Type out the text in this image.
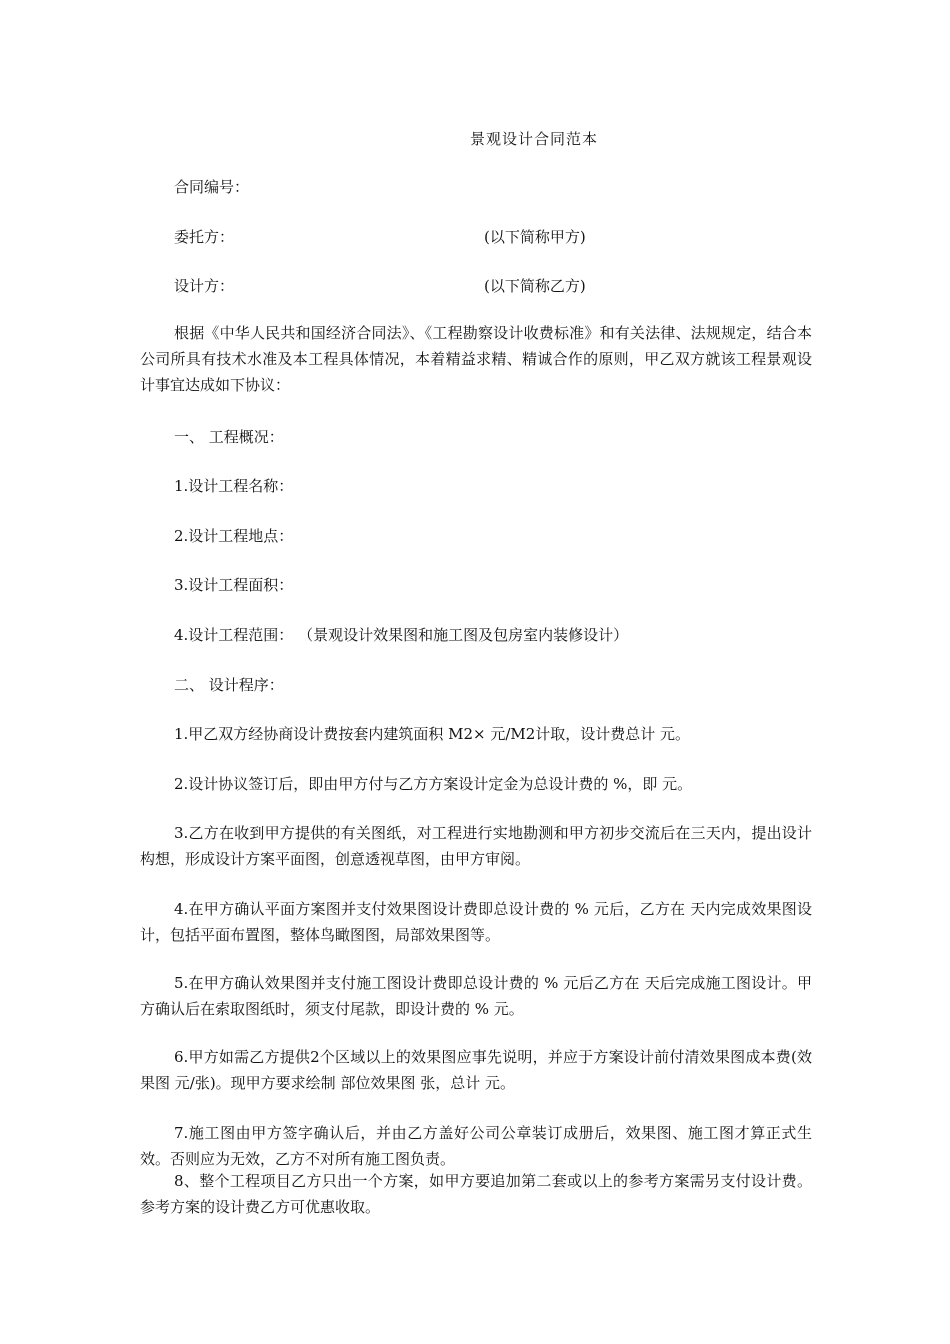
景观设计合同范本
合同编号：
委托方：	(以下简称甲方)
设计方：	(以下简称乙方)

根据《中华人民共和国经济合同法》、《工程勘察设计收费标准》和有关法律、法规规定，结合本公司所具有技术水准及本工程具体情况，本着精益求精、精诚合作的原则，甲乙双方就该工程景观设计事宜达成如下协议：

一、 工程概况：
1.设计工程名称：
2.设计工程地点：
3.设计工程面积：
4.设计工程范围： （景观设计效果图和施工图及包房室内装修设计）
二、 设计程序：
1.甲乙双方经协商设计费按套内建筑面积 M2× 元/M2计取，设计费总计 元。
2.设计协议签订后，即由甲方付与乙方方案设计定金为总设计费的 %，即 元。

3.乙方在收到甲方提供的有关图纸，对工程进行实地勘测和甲方初步交流后在三天内，提出设计构想，形成设计方案平面图，创意透视草图，由甲方审阅。

4.在甲方确认平面方案图并支付效果图设计费即总设计费的 % 元后，乙方在 天内完成效果图设计，包括平面布置图，整体鸟瞰图图，局部效果图等。

5.在甲方确认效果图并支付施工图设计费即总设计费的 % 元后乙方在 天后完成施工图设计。甲方确认后在索取图纸时，须支付尾款，即设计费的 % 元。

6.甲方如需乙方提供2个区域以上的效果图应事先说明，并应于方案设计前付清效果图成本费(效果图 元/张)。现甲方要求绘制 部位效果图 张，总计 元。

7.施工图由甲方签字确认后，并由乙方盖好公司公章装订成册后，效果图、施工图才算正式生效。否则应为无效，乙方不对所有施工图负责。

8、整个工程项目乙方只出一个方案，如甲方要追加第二套或以上的参考方案需另支付设计费。参考方案的设计费乙方可优惠收取。
